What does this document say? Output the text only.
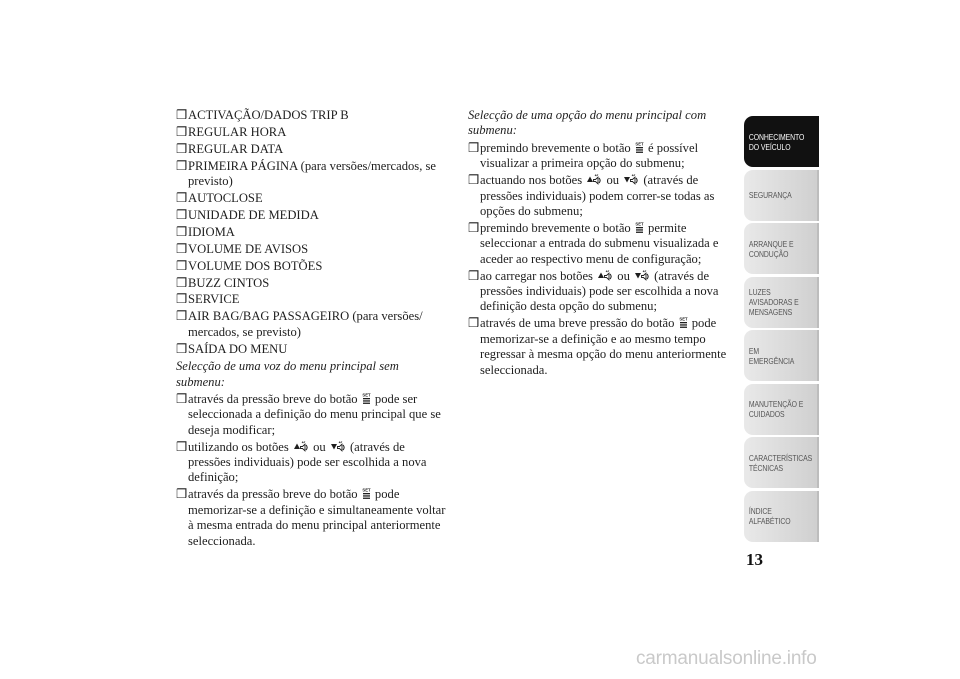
❒ ACTIVAÇÃO/DADOS TRIP B
❒ REGULAR HORA
❒ REGULAR DATA
❒ PRIMEIRA PÁGINA (para versões/mercados, se previsto)
❒ AUTOCLOSE
❒ UNIDADE DE MEDIDA
❒ IDIOMA
❒ VOLUME DE AVISOS
❒ VOLUME DOS BOTÕES
❒ BUZZ CINTOS
❒ SERVICE
❒ AIR BAG/BAG PASSAGEIRO (para versões/ mercados, se previsto)
❒ SAÍDA DO MENU
Selecção de uma voz do menu principal sem submenu:
❒ através da pressão breve do botão SET pode ser seleccionada a definição do menu principal que se deseja modificar;
❒ utilizando os botões ou (através de pressões individuais) pode ser escolhida a nova definição;
❒ através da pressão breve do botão SET pode memorizar-se a definição e simultaneamente voltar à mesma entrada do menu principal anteriormente seleccionada.
Selecção de uma opção do menu principal com submenu:
❒ premindo brevemente o botão SET é possível visualizar a primeira opção do submenu;
❒ actuando nos botões ou (através de pressões individuais) podem correr-se todas as opções do submenu;
❒ premindo brevemente o botão SET permite seleccionar a entrada do submenu visualizada e aceder ao respectivo menu de configuração;
❒ ao carregar nos botões ou (através de pressões individuais) pode ser escolhida a nova definição desta opção do submenu;
❒ através de uma breve pressão do botão SET pode memorizar-se a definição e ao mesmo tempo regressar à mesma opção do menu anteriormente seleccionada.
CONHECIMENTO
DO VEÍCULO
SEGURANÇA
ARRANQUE E
CONDUÇÃO
LUZES
AVISADORAS E
MENSAGENS
EM EMERGÊNCIA
MANUTENÇÃO E
CUIDADOS
CARACTERÍSTICAS
TÉCNICAS
ÍNDICE
ALFABÉTICO
13
carmanualsonline.info
